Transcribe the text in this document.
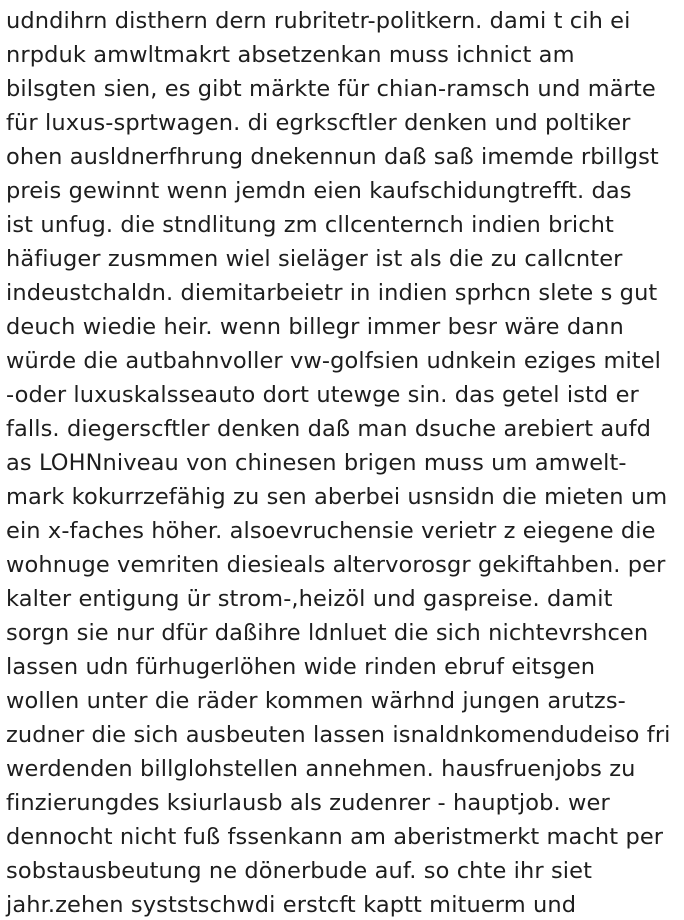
udndihrn disthern dern rubritetr-politkern. dami t cih ei
nrpduk amwltmakrt absetzenkan muss ichnict am
bilsgten sien, es gibt märkte für chian-ramsch und märte
für luxus-sprtwagen. di egrkscftler denken und poltiker
ohen ausldnerfhrung dnekennun daß saß imemde rbillgst
preis gewinnt wenn jemdn eien kaufschidungtrefft. das
ist unfug. die stndlitung zm cllcenternch indien bricht
häfiuger zusmmen wiel sieläger ist als die zu callcnter
indeustchaldn. diemitarbeietr in indien sprhcn slete s gut
deuch wiedie heir. wenn billegr immer besr wäre dann
würde die autbahnvoller vw-golfsien udnkein eziges mitel
-oder luxuskalsseauto dort utewge sin. das getel istd er
falls. diegerscftler denken daß man dsuche arebiert aufd
as LOHNniveau von chinesen brigen muss um amwelt-
mark kokurrzefähig zu sen aberbei usnsidn die mieten um
ein x-faches höher. alsoevruchensie verietr z eiegene die
wohnuge vemriten diesieals altervorosgr gekiftahben. per
kalter entigung ür strom-,heizöl und gaspreise. damit
sorgn sie nur dfür daßihre ldnluet die sich nichtevrshcen
lassen udn fürhugerlöhen wide rinden ebruf eitsgen
wollen unter die räder kommen wärhnd jungen arutzs-
zudner die sich ausbeuten lassen isnaldnkomendudeiso fri
werdenden billglohstellen annehmen. hausfruenjobs zu
finzierungdes ksiurlausb als zudenrer - hauptjob. wer
dennocht nicht fuß fssenkann am aberistmerkt macht per
sobstausbeutung ne dönerbude auf. so chte ihr siet
jahr.zehen syststschwdi erstcft kaptt mituerm und
